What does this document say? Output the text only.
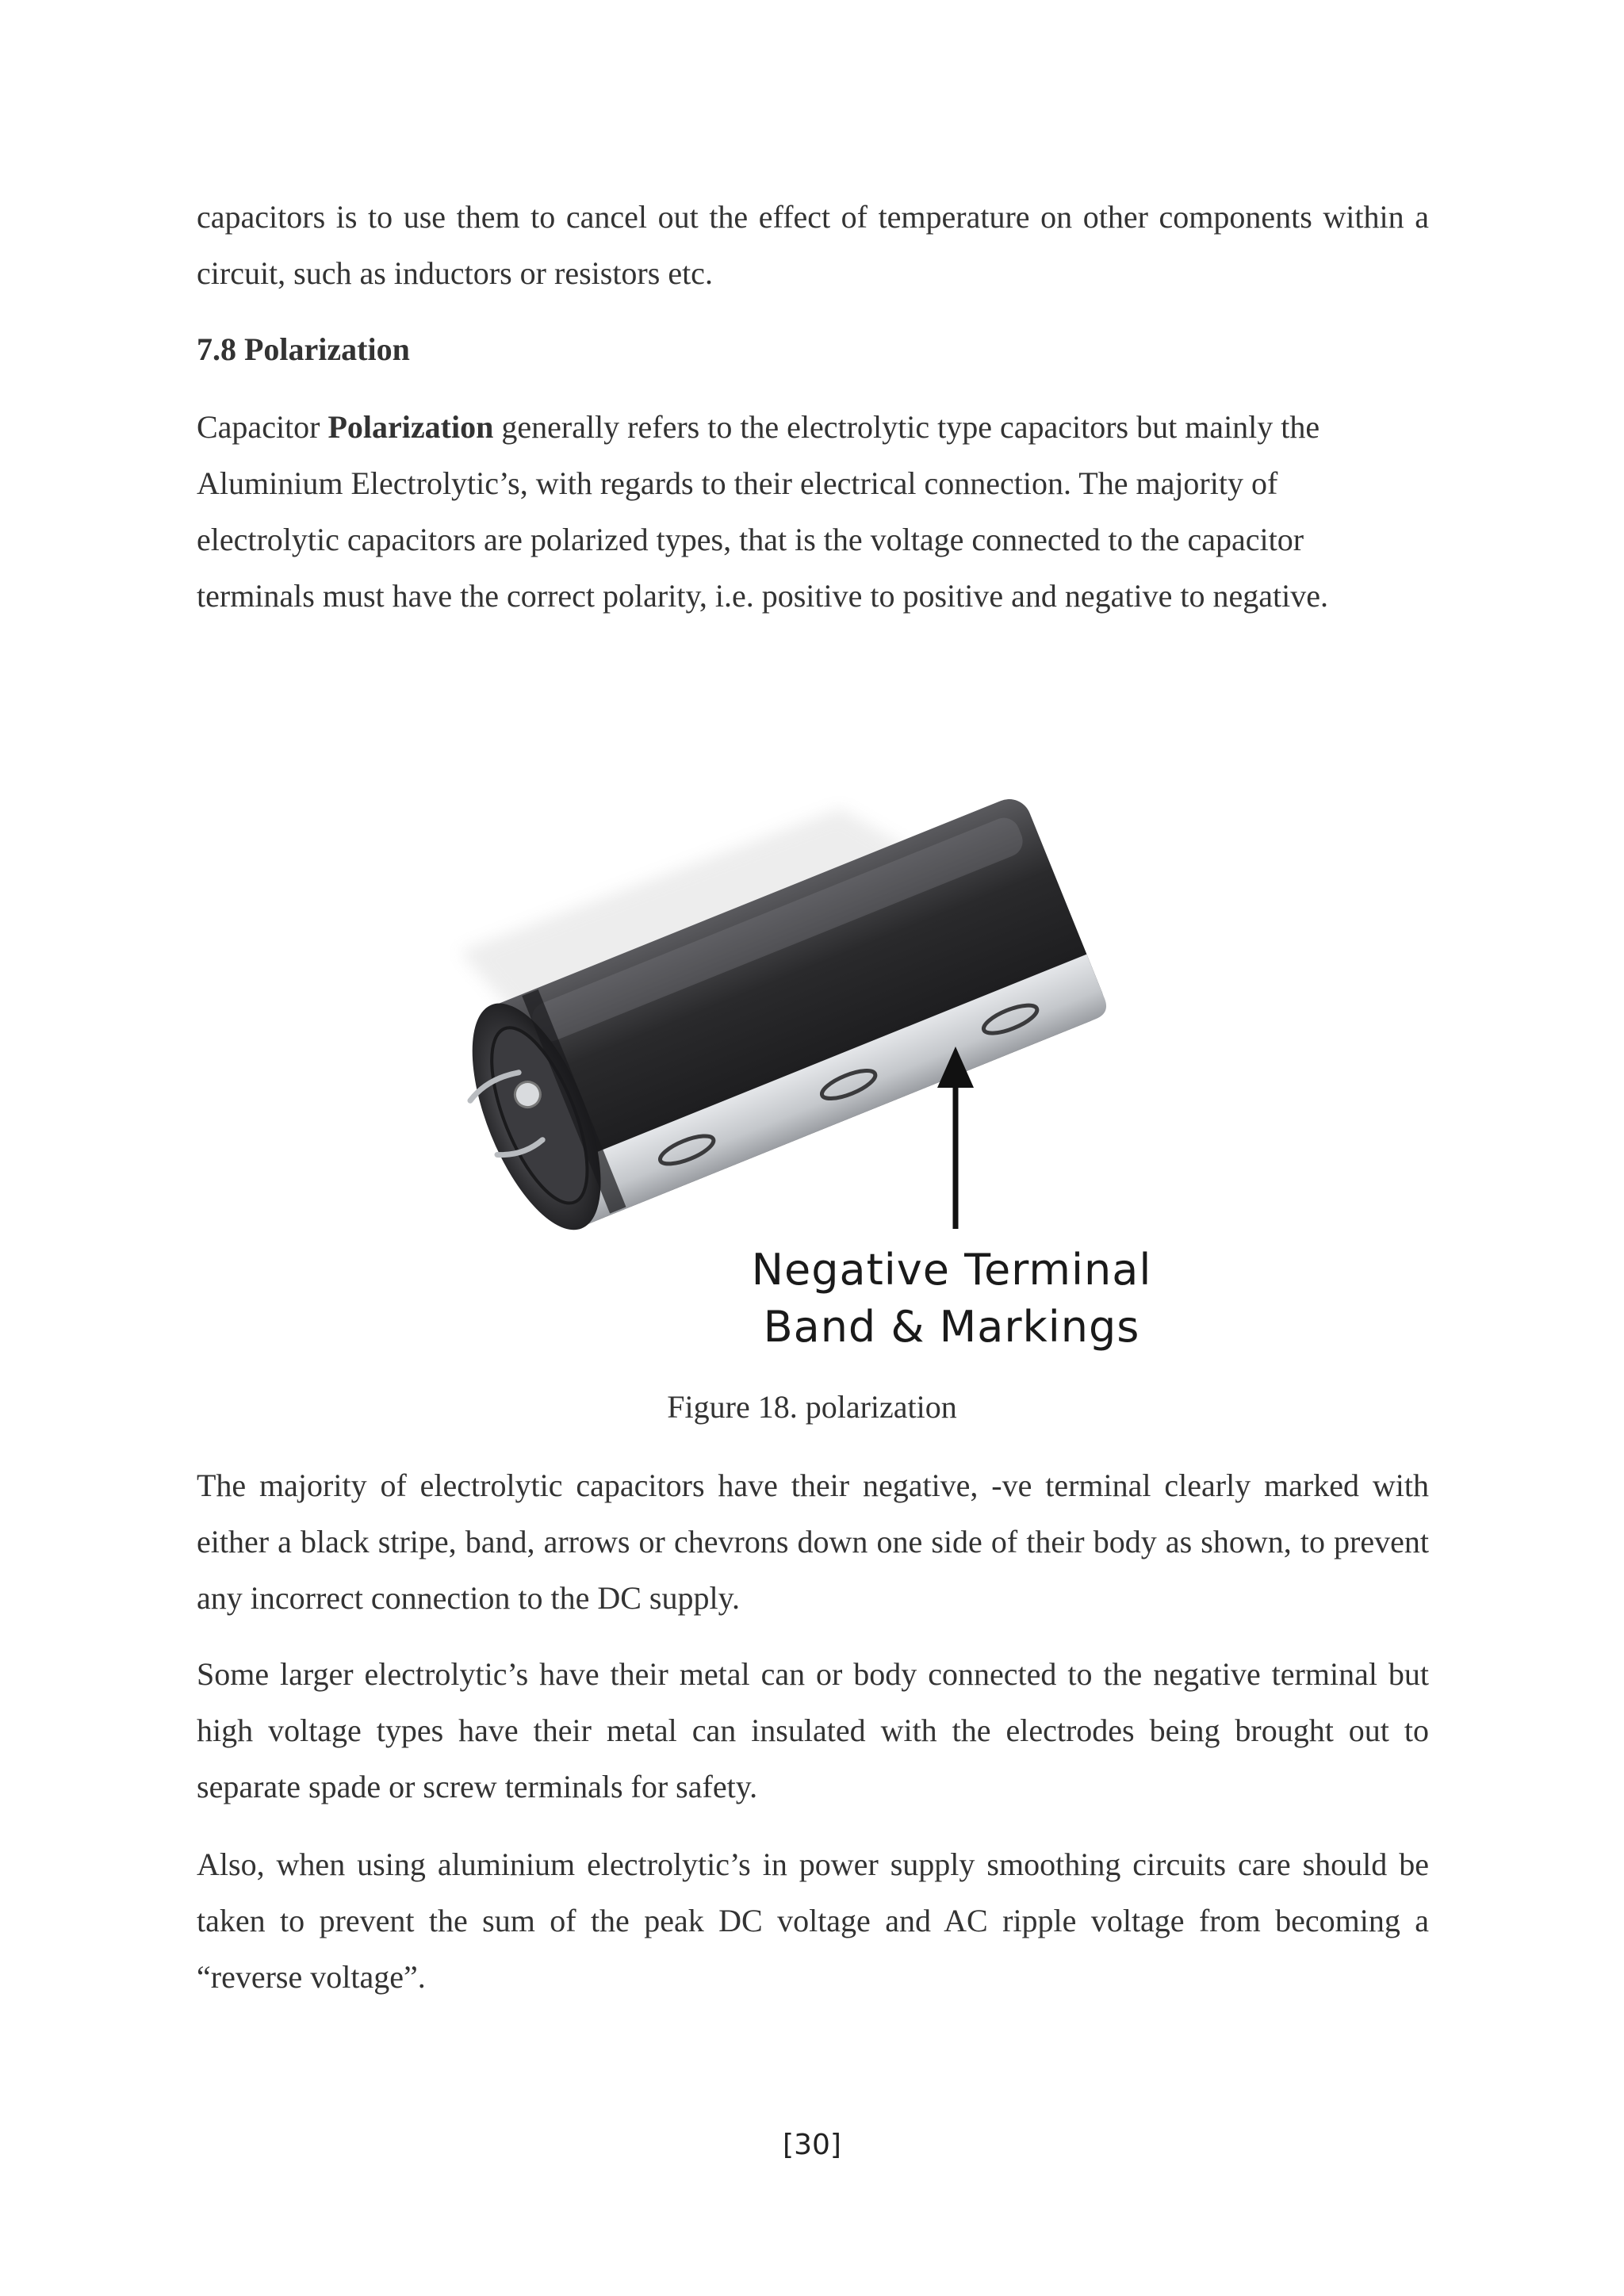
capacitors is to use them to cancel out the effect of temperature on other components within a
circuit, such as inductors or resistors etc.
7.8 Polarization
Capacitor Polarization generally refers to the electrolytic type capacitors but mainly the
Aluminium Electrolytic’s, with regards to their electrical connection. The majority of
electrolytic capacitors are polarized types, that is the voltage connected to the capacitor
terminals must have the correct polarity, i.e. positive to positive and negative to negative.
Negative Terminal
Band & Markings
Figure 18. polarization
The majority of electrolytic capacitors have their negative, -ve terminal clearly marked with
either a black stripe, band, arrows or chevrons down one side of their body as shown, to prevent
any incorrect connection to the DC supply.
Some larger electrolytic’s have their metal can or body connected to the negative terminal but
high voltage types have their metal can insulated with the electrodes being brought out to
separate spade or screw terminals for safety.
Also, when using aluminium electrolytic’s in power supply smoothing circuits care should be
taken to prevent the sum of the peak DC voltage and AC ripple voltage from becoming a
“reverse voltage”.
[30]
